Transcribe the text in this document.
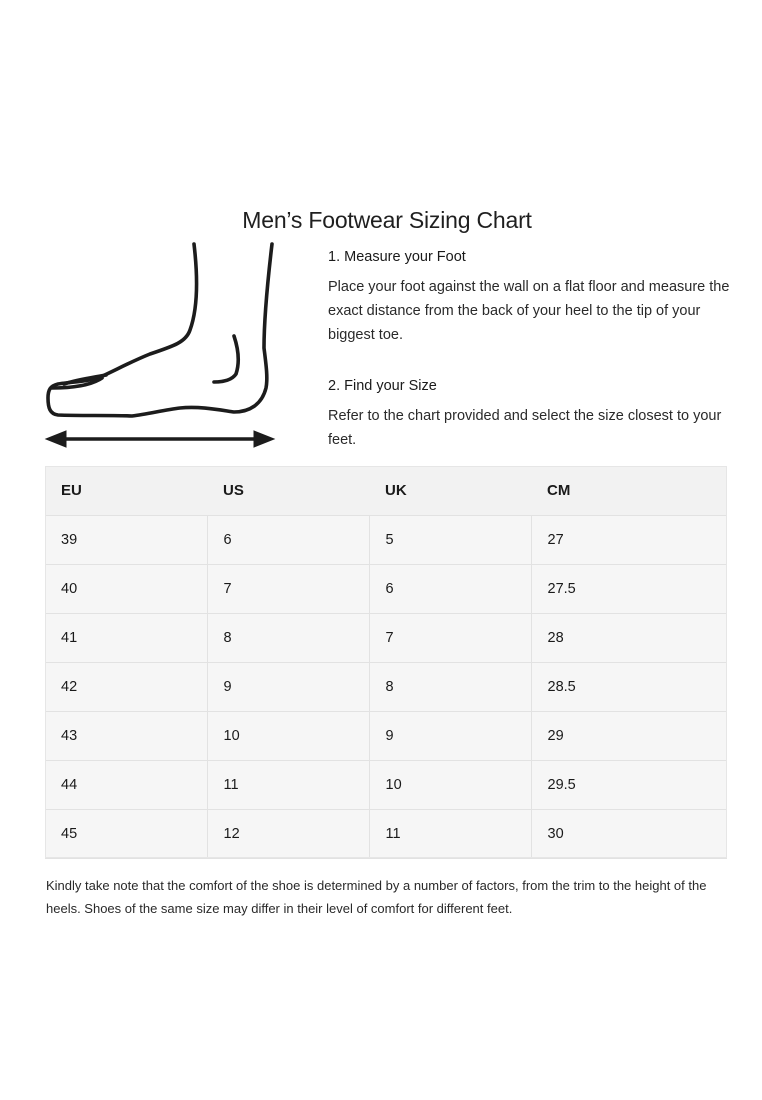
Men’s Footwear Sizing Chart

1. Measure your Foot

Place your foot against the wall on a flat floor and measure the exact distance from the back of your heel to the tip of your biggest toe.

2. Find your Size

Refer to the chart provided and select the size closest to your feet.

EU	US	UK	CM
39	6	5	27
40	7	6	27.5
41	8	7	28
42	9	8	28.5
43	10	9	29
44	11	10	29.5
45	12	11	30

Kindly take note that the comfort of the shoe is determined by a number of factors, from the trim to the height of the heels. Shoes of the same size may differ in their level of comfort for different feet.
